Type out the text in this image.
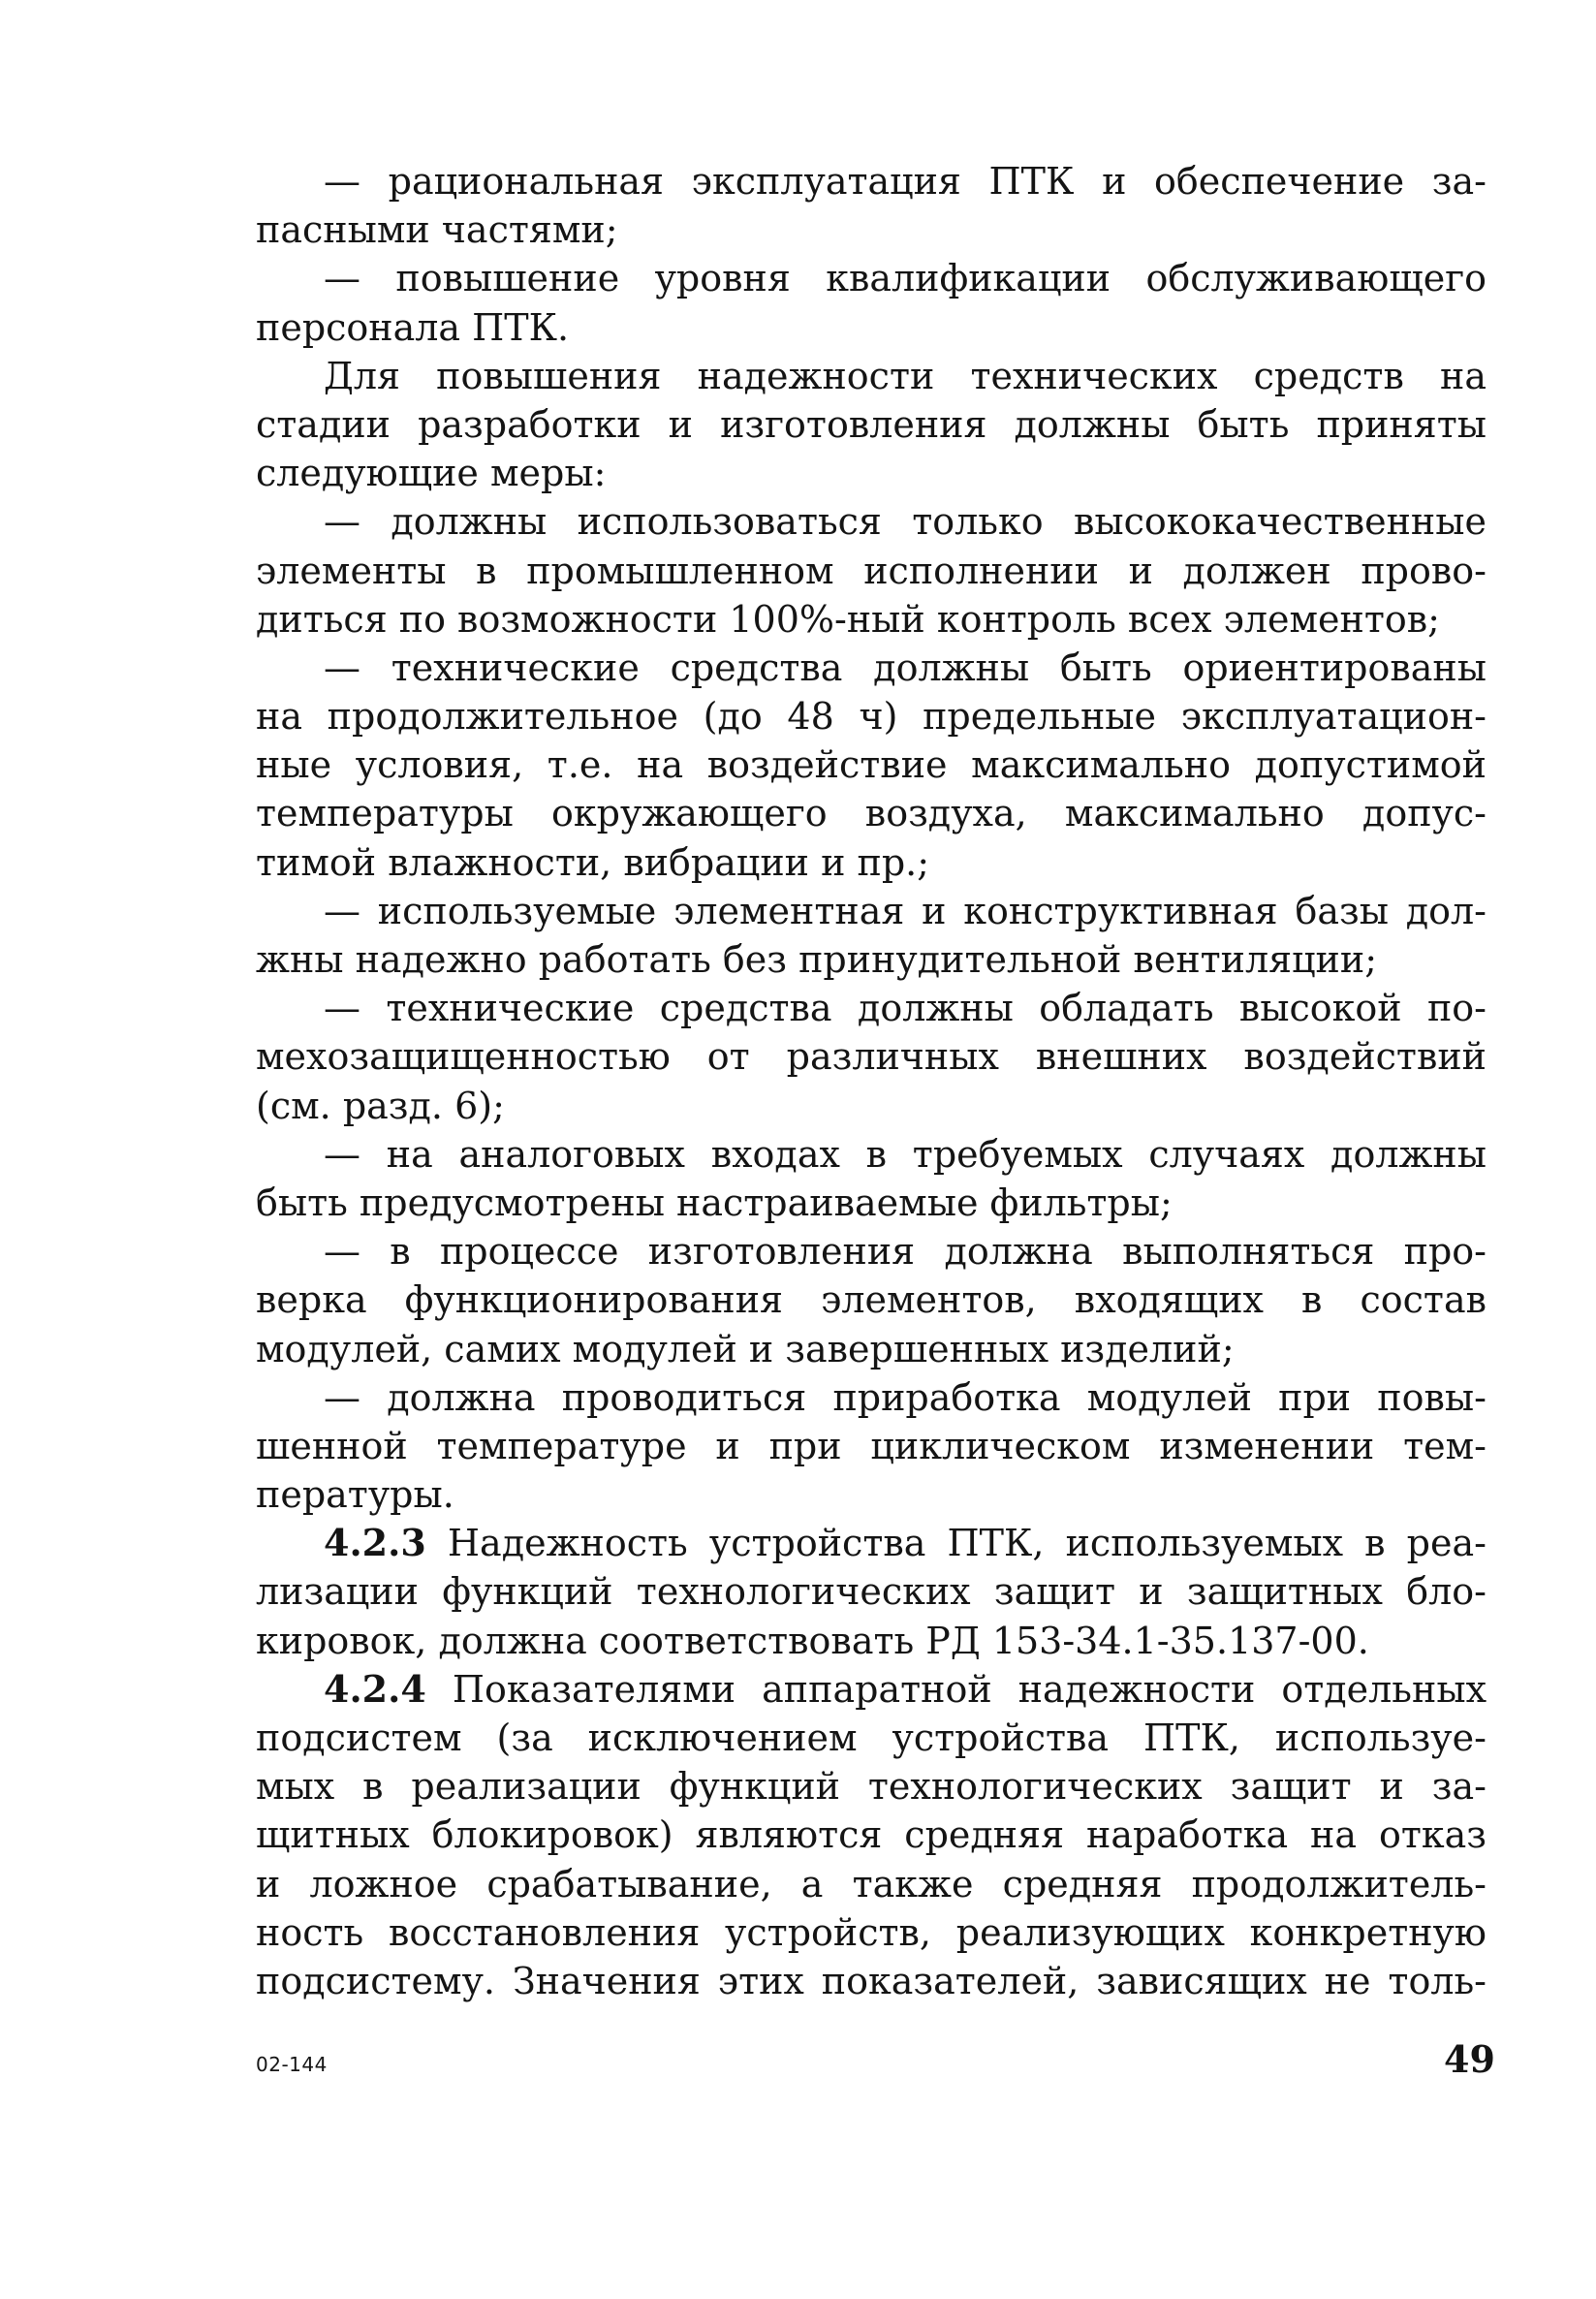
— рациональная эксплуатация ПТК и обеспечение за-
пасными частями;
— повышение уровня квалификации обслуживающего
персонала ПТК.
Для повышения надежности технических средств на
стадии разработки и изготовления должны быть приняты
следующие меры:
— должны использоваться только высококачественные
элементы в промышленном исполнении и должен прово-
диться по возможности 100%-ный контроль всех элементов;
— технические средства должны быть ориентированы
на продолжительное (до 48 ч) предельные эксплуатацион-
ные условия, т.е. на воздействие максимально допустимой
температуры окружающего воздуха, максимально допус-
тимой влажности, вибрации и пр.;
— используемые элементная и конструктивная базы дол-
жны надежно работать без принудительной вентиляции;
— технические средства должны обладать высокой по-
мехозащищенностью от различных внешних воздействий
(см. разд. 6);
— на аналоговых входах в требуемых случаях должны
быть предусмотрены настраиваемые фильтры;
— в процессе изготовления должна выполняться про-
верка функционирования элементов, входящих в состав
модулей, самих модулей и завершенных изделий;
— должна проводиться приработка модулей при повы-
шенной температуре и при циклическом изменении тем-
пературы.
4.2.3 Надежность устройства ПТК, используемых в реа-
лизации функций технологических защит и защитных бло-
кировок, должна соответствовать РД 153-34.1-35.137-00.
4.2.4 Показателями аппаратной надежности отдельных
подсистем (за исключением устройства ПТК, используе-
мых в реализации функций технологических защит и за-
щитных блокировок) являются средняя наработка на отказ
и ложное срабатывание, а также средняя продолжитель-
ность восстановления устройств, реализующих конкретную
подсистему. Значения этих показателей, зависящих не толь-
02-144	49
